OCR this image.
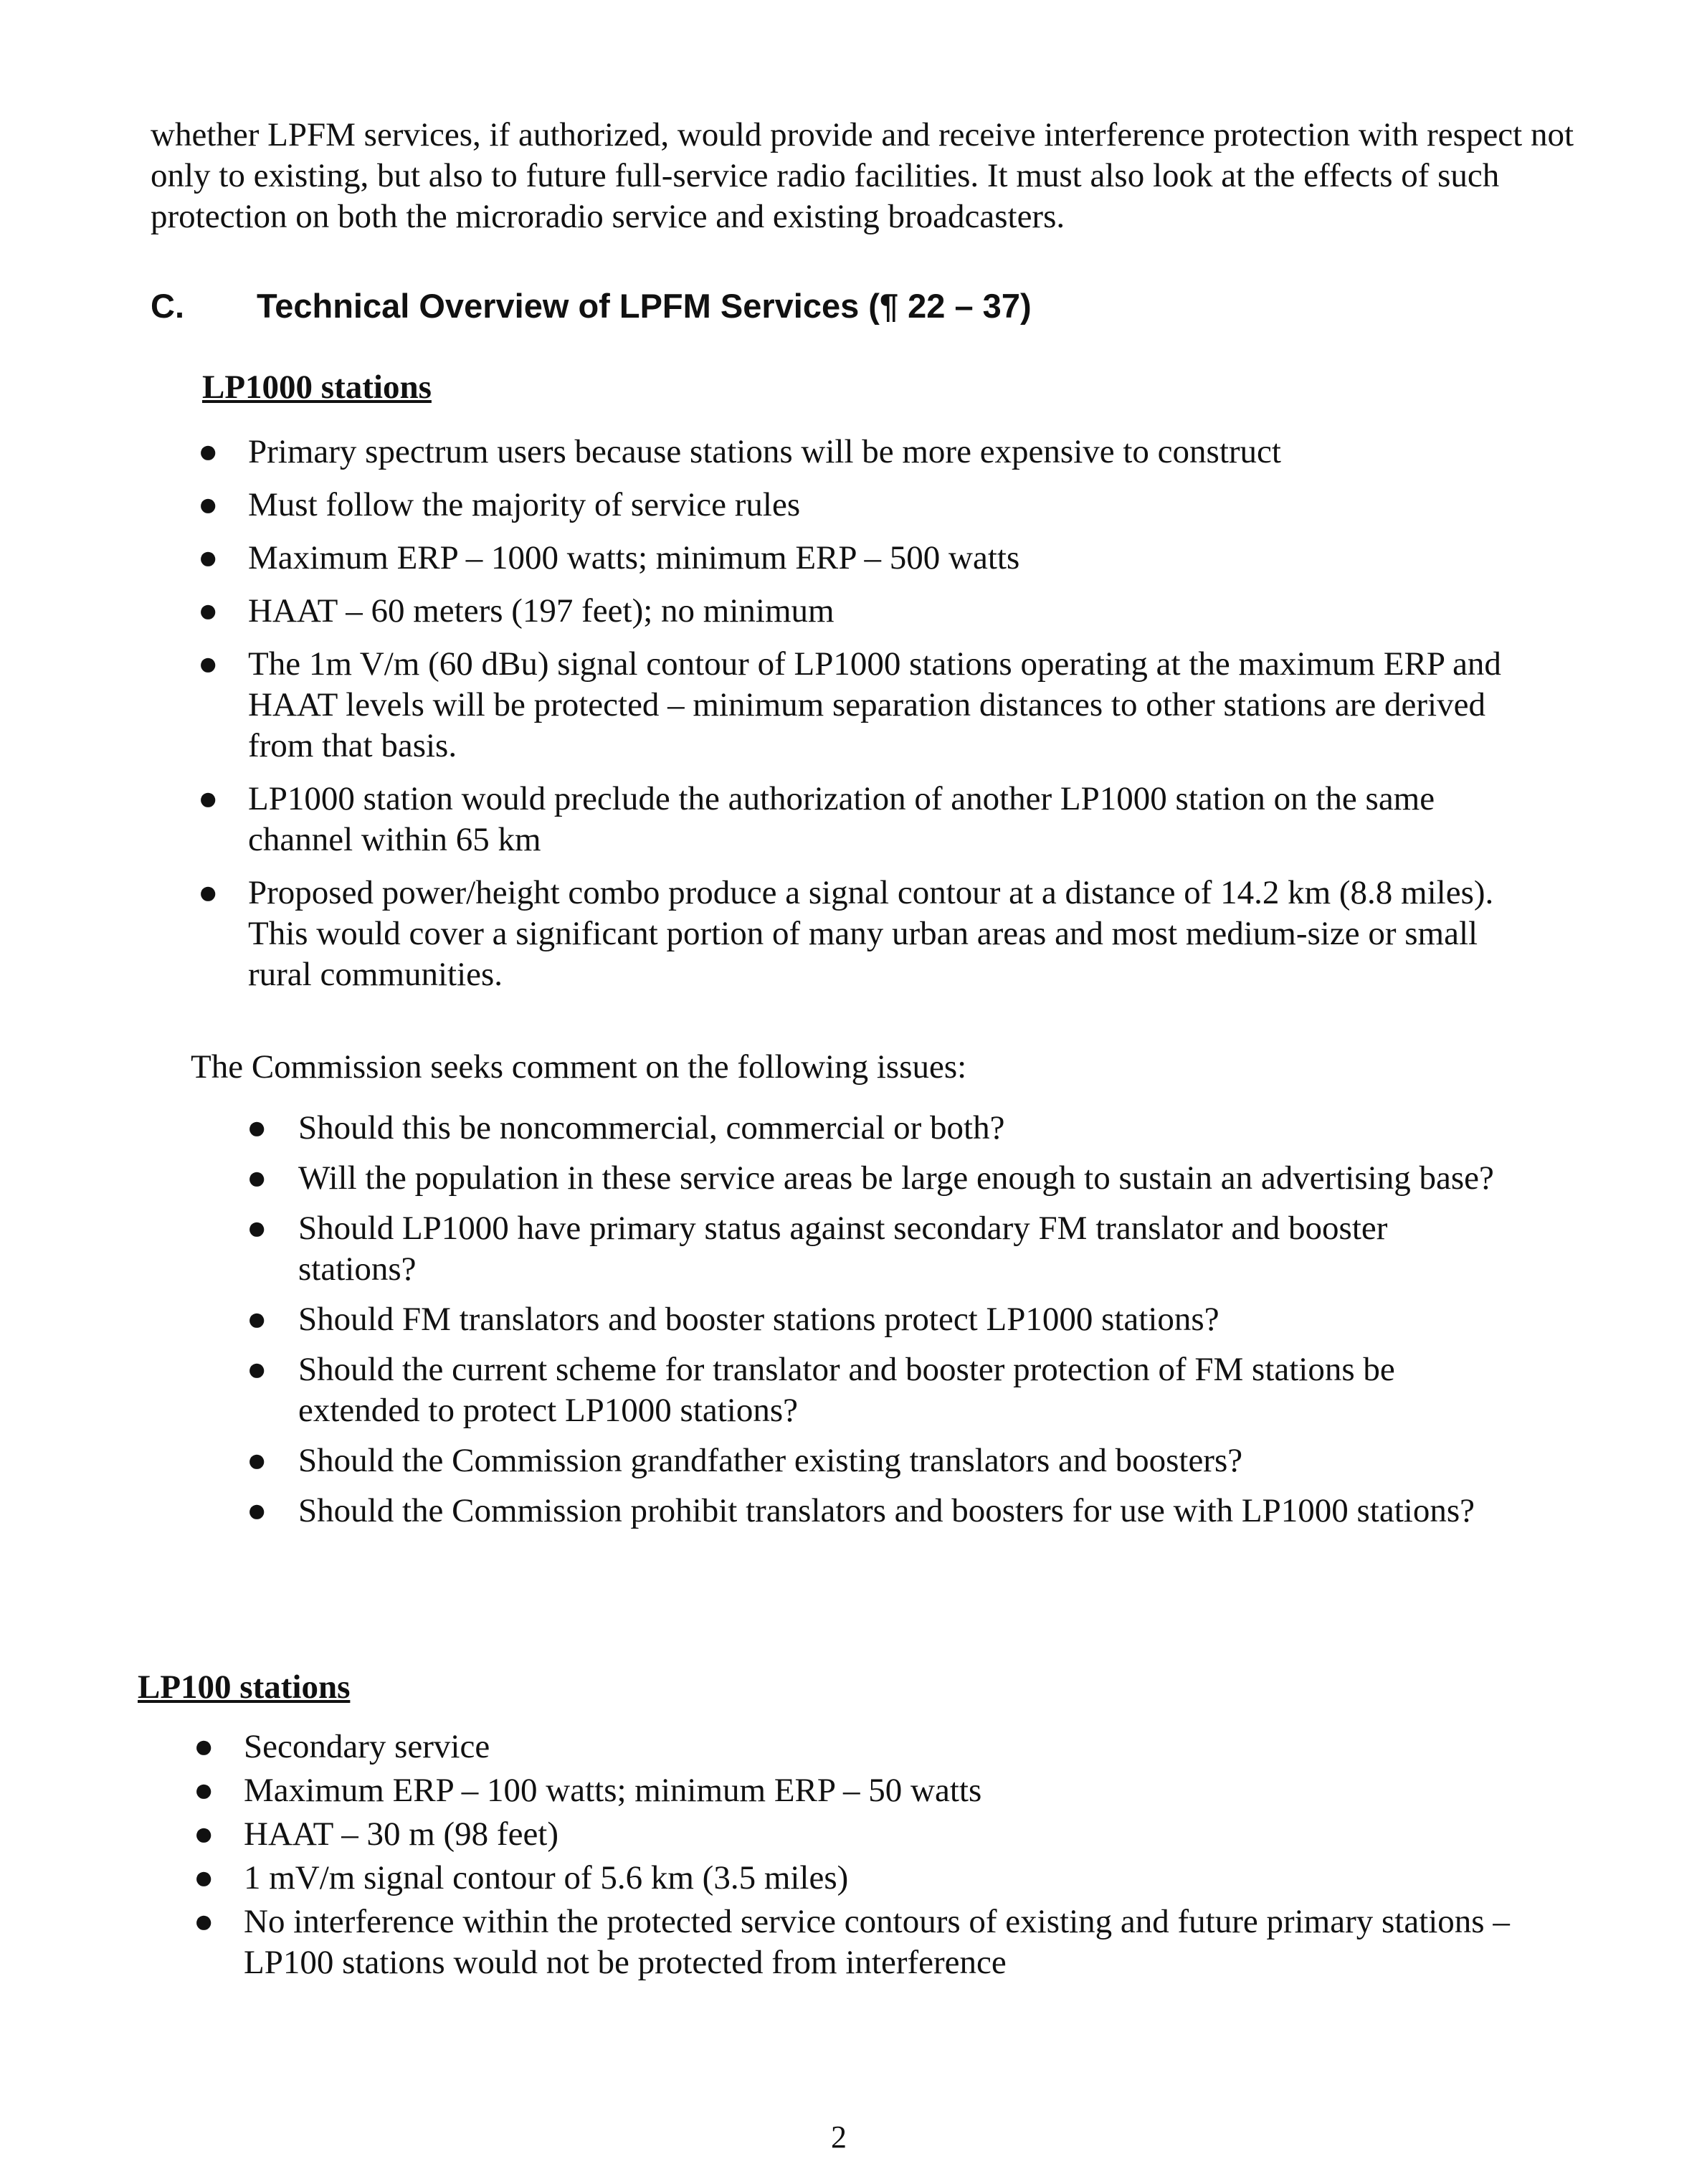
whether LPFM services, if authorized, would provide and receive interference protection with respect not only to existing, but also to future full-service radio facilities. It must also look at the effects of such protection on both the microradio service and existing broadcasters.

C. Technical Overview of LPFM Services (¶ 22 – 37)
LP1000 stations
● Primary spectrum users because stations will be more expensive to construct
● Must follow the majority of service rules
● Maximum ERP – 1000 watts; minimum ERP – 500 watts
● HAAT – 60 meters (197 feet); no minimum
● The 1m V/m (60 dBu) signal contour of LP1000 stations operating at the maximum ERP and HAAT levels will be protected – minimum separation distances to other stations are derived from that basis.
● LP1000 station would preclude the authorization of another LP1000 station on the same channel within 65 km
● Proposed power/height combo produce a signal contour at a distance of 14.2 km (8.8 miles). This would cover a significant portion of many urban areas and most medium-size or small rural communities.
The Commission seeks comment on the following issues:
● Should this be noncommercial, commercial or both?
● Will the population in these service areas be large enough to sustain an advertising base?
● Should LP1000 have primary status against secondary FM translator and booster stations?
● Should FM translators and booster stations protect LP1000 stations?
● Should the current scheme for translator and booster protection of FM stations be extended to protect LP1000 stations?
● Should the Commission grandfather existing translators and boosters?
● Should the Commission prohibit translators and boosters for use with LP1000 stations?
LP100 stations
● Secondary service
● Maximum ERP – 100 watts; minimum ERP – 50 watts
● HAAT – 30 m (98 feet)
● 1 mV/m signal contour of 5.6 km (3.5 miles)
● No interference within the protected service contours of existing and future primary stations – LP100 stations would not be protected from interference
2
